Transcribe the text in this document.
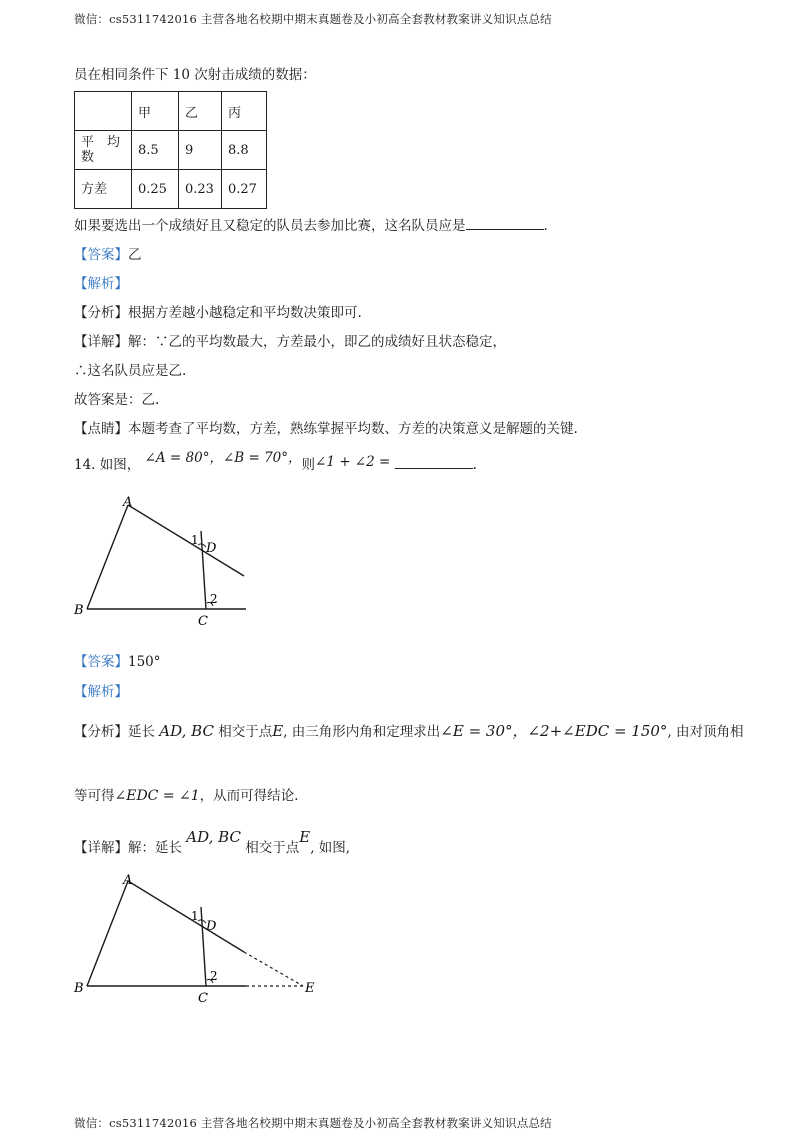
微信：cs5311742016 主营各地名校期中期末真题卷及小初高全套教材教案讲义知识点总结
员在相同条件下 10 次射击成绩的数据：
	甲	乙	丙

平　均
数	8.5	9	8.8
方差	0.25	0.23	0.27
如果要选出一个成绩好且又稳定的队员去参加比赛，这名队员应是	.
【答案】乙
【解析】
【分析】根据方差越小越稳定和平均数决策即可.
【详解】解：∵乙的平均数最大，方差最小，即乙的成绩好且状态稳定，
∴这名队员应是乙.
故答案是：乙.
【点睛】本题考查了平均数，方差，熟练掌握平均数、方差的决策意义是解题的关键.
14. 如图， ∠A = 80°，∠B = 70°，则∠1 + ∠2 =	.
A
B
C
D
1
2
【答案】150°
【解析】
【分析】延长 AD, BC 相交于点E, 由三角形内角和定理求出∠E = 30°，∠2+∠EDC = 150°, 由对顶角相
等可得∠EDC = ∠1，从而可得结论.
【详解】解：延长 AD, BC 相交于点E, 如图,
A
B
C
D
1
2
E
微信：cs5311742016 主营各地名校期中期末真题卷及小初高全套教材教案讲义知识点总结
